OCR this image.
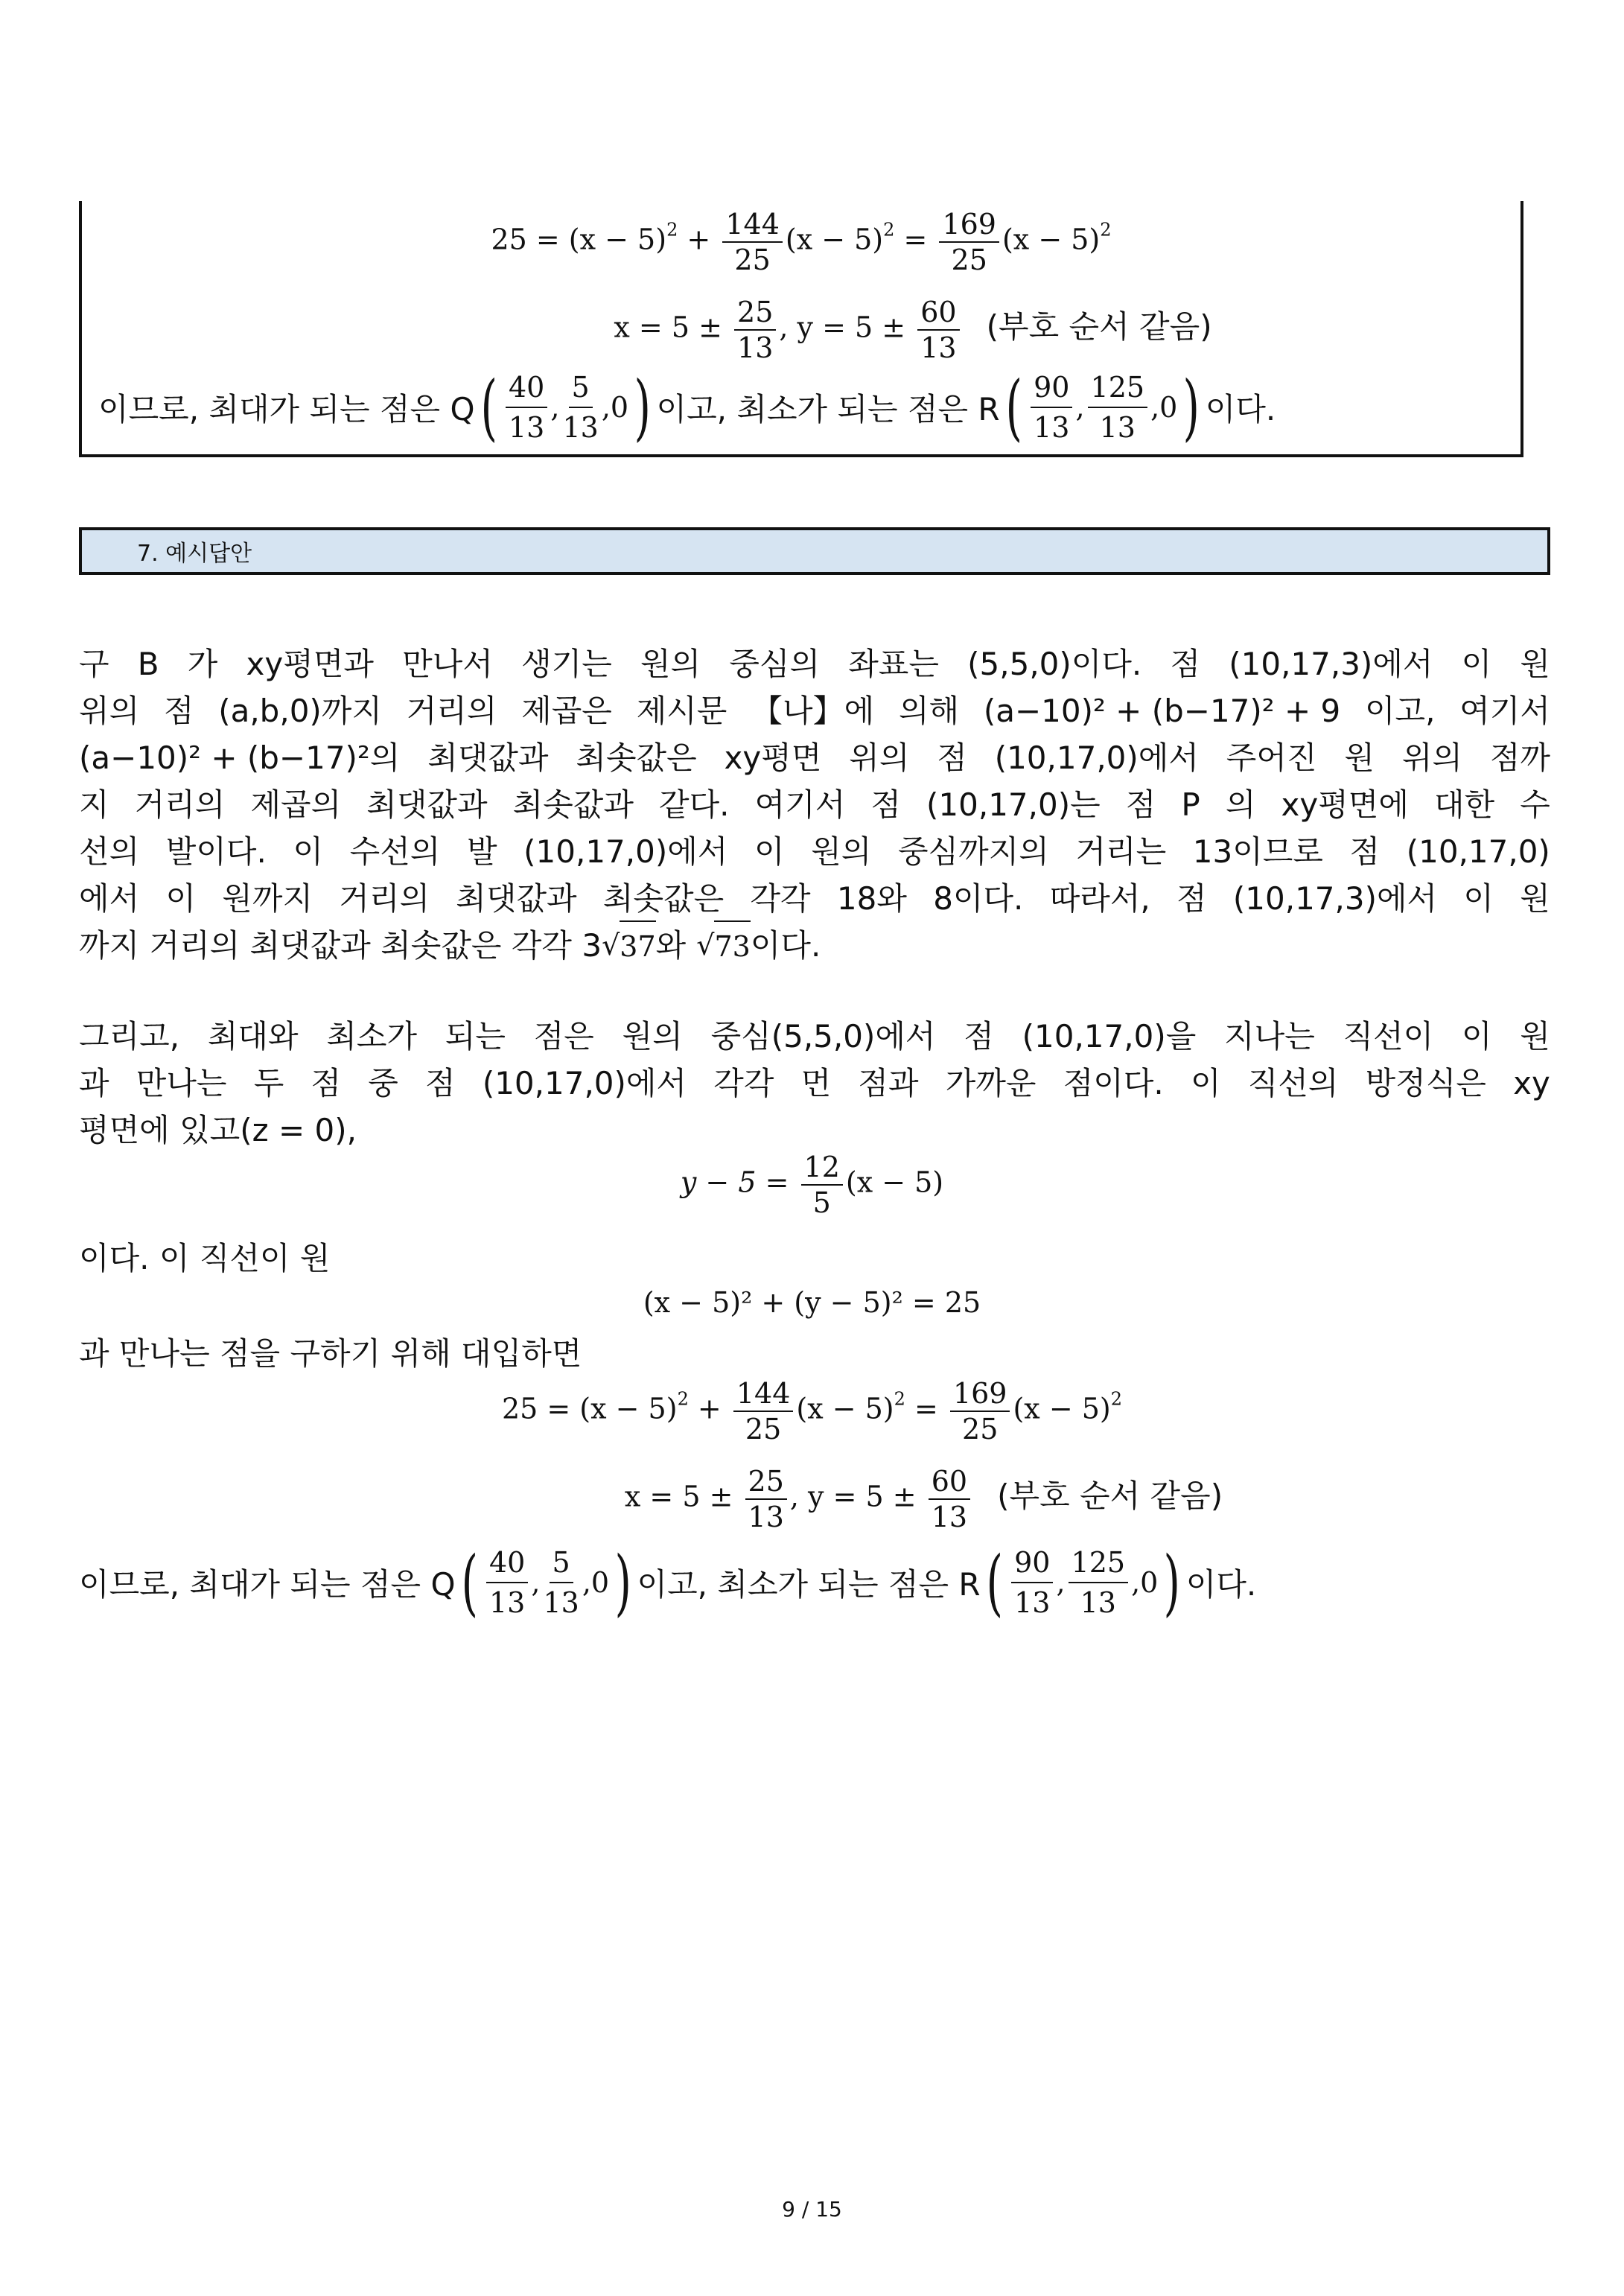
$25 = (x - 5)^2 + \frac{144}{25} (x - 5)^2 = \frac{169}{25} (x - 5)^2$
$x = 5 \pm \frac{25}{13}$ , $y = 5 \pm \frac{60}{13}$ (부호 순서 같음)
이므로, 최대가 되는 점은 Q ( $\frac{40}{13}$ , $\frac{5}{13} ,0$ ) 이고, 최소가 되는 점은 R ( $\frac{90}{13}$ , $\frac{125}{13} ,0$ ) 이다.
7. 예시답안
구 B 가 xy평면과 만나서 생기는 원의 중심의 좌표는 (5,5,0)이다. 점 (10,17,3)에서 이 원
위의 점 (a,b,0)까지 거리의 제곱은 제시문 【나】에 의해 (a−10)² + (b−17)² + 9 이고, 여기서
(a−10)² + (b−17)²의 최댓값과 최솟값은 xy평면 위의 점 (10,17,0)에서 주어진 원 위의 점까
지 거리의 제곱의 최댓값과 최솟값과 같다. 여기서 점 (10,17,0)는 점 P 의 xy평면에 대한 수
선의 발이다. 이 수선의 발 (10,17,0)에서 이 원의 중심까지의 거리는 13이므로 점 (10,17,0)
에서 이 원까지 거리의 최댓값과 최솟값은 각각 18와 8이다. 따라서, 점 (10,17,3)에서 이 원
까지 거리의 최댓값과 최솟값은 각각 3 √ 37 와 √ 73 이다.
그리고, 최대와 최소가 되는 점은 원의 중심(5,5,0)에서 점 (10,17,0)을 지나는 직선이 이 원
과 만나는 두 점 중 점 (10,17,0)에서 각각 먼 점과 가까운 점이다. 이 직선의 방정식은 xy
평면에 있고(z = 0),
$y - 5 = \frac{12}{5} (x - 5)$
이다. 이 직선이 원
(x − 5)² + (y − 5)² = 25
과 만나는 점을 구하기 위해 대입하면
$25 = (x - 5)^2 + \frac{144}{25} (x - 5)^2 = \frac{169}{25} (x - 5)^2$
$x = 5 \pm \frac{25}{13}$ , $y = 5 \pm \frac{60}{13}$ (부호 순서 같음)
이므로, 최대가 되는 점은 Q ( $\frac{40}{13}$ , $\frac{5}{13} ,0$ ) 이고, 최소가 되는 점은 R ( $\frac{90}{13}$ , $\frac{125}{13} ,0$ ) 이다.
9 / 15
